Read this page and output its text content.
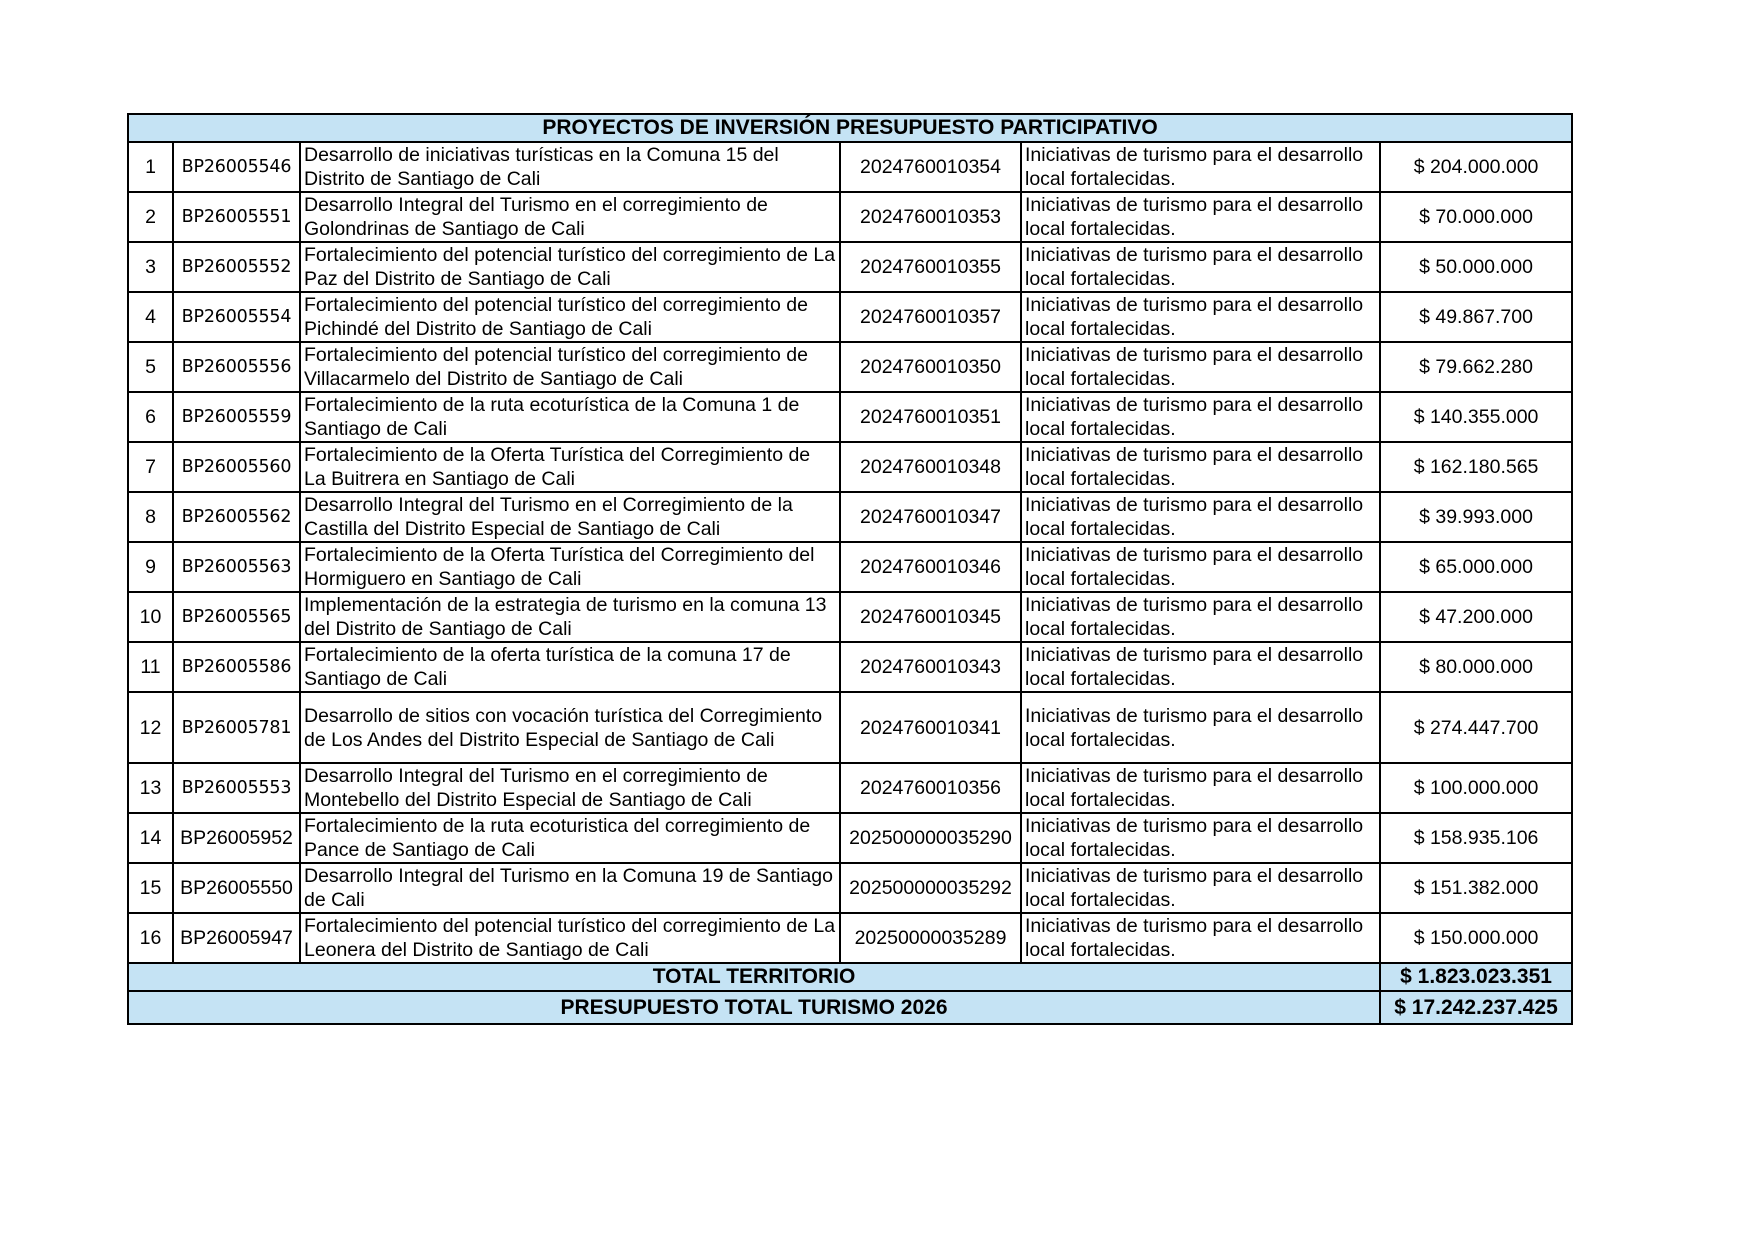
PROYECTOS DE INVERSIÓN PRESUPUESTO PARTICIPATIVO					
1	BP26005546	Desarrollo de iniciativas turísticas en la Comuna 15 del Distrito de Santiago de Cali	2024760010354	Iniciativas de turismo para el desarrollo local fortalecidas.	$ 204.000.000
2	BP26005551	Desarrollo Integral del Turismo en el corregimiento de Golondrinas de Santiago de Cali	2024760010353	Iniciativas de turismo para el desarrollo local fortalecidas.	$ 70.000.000
3	BP26005552	Fortalecimiento del potencial turístico del corregimiento de La Paz del Distrito de Santiago de Cali	2024760010355	Iniciativas de turismo para el desarrollo local fortalecidas.	$ 50.000.000
4	BP26005554	Fortalecimiento del potencial turístico del corregimiento de Pichindé del Distrito de Santiago de Cali	2024760010357	Iniciativas de turismo para el desarrollo local fortalecidas.	$ 49.867.700
5	BP26005556	Fortalecimiento del potencial turístico del corregimiento de Villacarmelo del Distrito de Santiago de Cali	2024760010350	Iniciativas de turismo para el desarrollo local fortalecidas.	$ 79.662.280
6	BP26005559	Fortalecimiento de la ruta ecoturística de la Comuna 1 de Santiago de Cali	2024760010351	Iniciativas de turismo para el desarrollo local fortalecidas.	$ 140.355.000
7	BP26005560	Fortalecimiento de la Oferta Turística del Corregimiento de La Buitrera en Santiago de Cali	2024760010348	Iniciativas de turismo para el desarrollo local fortalecidas.	$ 162.180.565
8	BP26005562	Desarrollo Integral del Turismo en el Corregimiento de la Castilla del Distrito Especial de Santiago de Cali	2024760010347	Iniciativas de turismo para el desarrollo local fortalecidas.	$ 39.993.000
9	BP26005563	Fortalecimiento de la Oferta Turística del Corregimiento del Hormiguero en Santiago de Cali	2024760010346	Iniciativas de turismo para el desarrollo local fortalecidas.	$ 65.000.000
10	BP26005565	Implementación de la estrategia de turismo en la comuna 13 del Distrito de Santiago de Cali	2024760010345	Iniciativas de turismo para el desarrollo local fortalecidas.	$ 47.200.000
11	BP26005586	Fortalecimiento de la oferta turística de la comuna 17 de Santiago de Cali	2024760010343	Iniciativas de turismo para el desarrollo local fortalecidas.	$ 80.000.000
12	BP26005781	Desarrollo de sitios con vocación turística del Corregimiento de Los Andes del Distrito Especial de Santiago de Cali	2024760010341	Iniciativas de turismo para el desarrollo local fortalecidas.	$ 274.447.700
13	BP26005553	Desarrollo Integral del Turismo en el corregimiento de Montebello del Distrito Especial de Santiago de Cali	2024760010356	Iniciativas de turismo para el desarrollo local fortalecidas.	$ 100.000.000
14	BP26005952	Fortalecimiento de la ruta ecoturistica del corregimiento de Pance de Santiago de Cali	202500000035290	Iniciativas de turismo para el desarrollo local fortalecidas.	$ 158.935.106
15	BP26005550	Desarrollo Integral del Turismo en la Comuna 19 de Santiago de Cali	202500000035292	Iniciativas de turismo para el desarrollo local fortalecidas.	$ 151.382.000
16	BP26005947	Fortalecimiento del potencial turístico del corregimiento de La Leonera del Distrito de Santiago de Cali	20250000035289	Iniciativas de turismo para el desarrollo local fortalecidas.	$ 150.000.000
TOTAL TERRITORIO					$ 1.823.023.351
PRESUPUESTO TOTAL TURISMO 2026					$ 17.242.237.425
